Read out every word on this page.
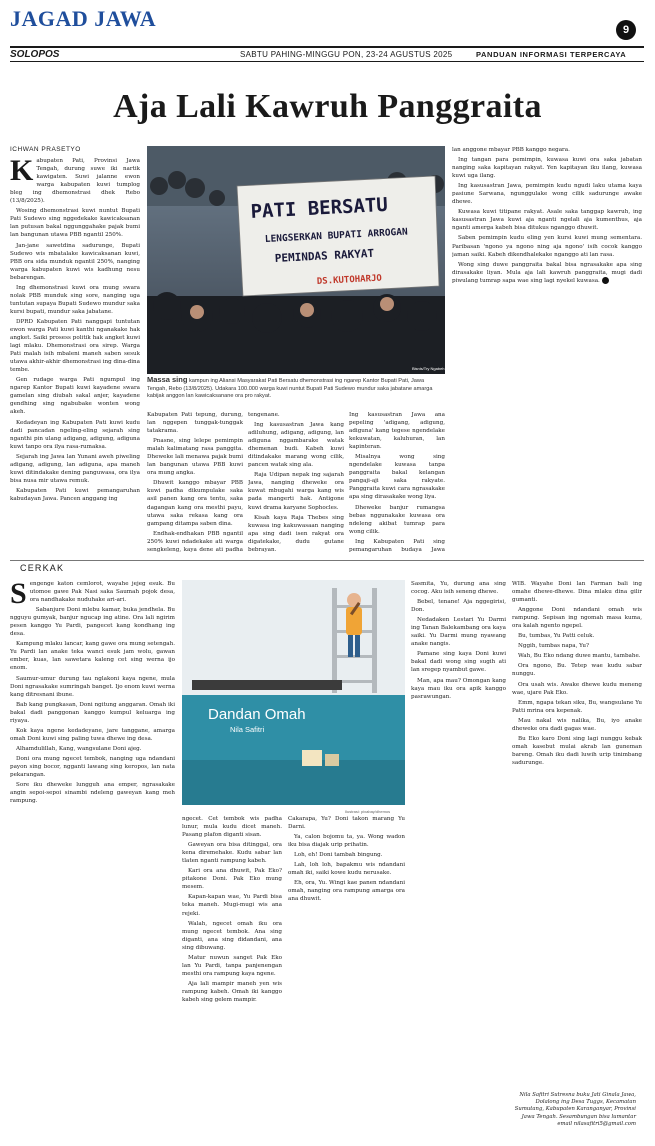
JAGAD JAWA	9
SOLOPOS	SABTU PAHING-MINGGU PON, 23-24 AGUSTUS 2025	PANDUAN INFORMASI TERPERCAYA
Aja Lali Kawruh Panggraita
ICHWAN PRASETYO
K abupaten Pati, Provinsi Jawa Tengah, durung suwe iki nartik kawigaten. Suwi jalanne ewon warga kabupaten kuwi tumplog bleg ing dhemonstrasi dhek Rebo (13/8/2025).

Wosing dhemonstrasi kuwi nuntut Bupati Pati Sudewo sing nggedekake kawicaksanan lan putusan bakal nggunggahake pajak bumi lan bangunan utawa PBB ngantil 250%.

Jan-jane sawetdina sadurunge, Bupati Sudewo wis mbatalake kawicaksanan kuwi, PBB ora sida munduk ngantil 250%, nanging warga kabupaten kuwi wis kadhung nesu bebarengan.

Ing dhemonstrasi kuwi ora mung swara nolak PBB munduk sing sore, nanging uga tuntutan supaya Bupati Sudewo mundur saka kursi bupati, mundur saka jabatane.

DPRD Kabupaten Pati nanggapi tuntutan ewon warga Pati kuwi kanthi nganakake hak angket. Saiki prosess politik hak angket kuwi lagi mlaku. Dhemonstrasi ora sirep. Warga Pati malah isih mbaleni maneh saben sesuk utawa akhir-akhir dhemonstrasi ing dina-dina tembe.

Gen rudage warga Pati ngumpul ing ngarep Kantor Bupati kuwi kayadene swara gamelan sing diubah sakal anjer, kayadene gendhing sing ngabubake wonten wong akeh.

Kedadeyan ing Kabupaten Pati kuwi kudu dadi pancadan ngeling-eling sejarah sing nganthi pin ulang adigang, adigung, adiguna kuwi tanpo ora ilya rasa-rumaksa.

Sejarah ing Jawa lan Yunani aweh piweling adigang, adigung, lan adiguna, apa maneh kuwi ditindakake dening panguwasa, ora ilya bisa nusa mir utawa remuk.

Kabupaten Pati kuwi pemangaruhan kabudayan Jawa. Pancen anggang ing

PATI BERSATU
LENGSERKAN BUPATI ARROGAN
PEMINDAS RAKYAT
DS.KUTOHARJO
Bisnis/Try Ngabeh
Massa sing kampun ing Aliansi Masyarakat Pati Bersatu dhemonstrasi ing ngarep Kantor Bupati Pati, Jawa Tengah, Rebo (13/8/2025). Udakara 100.000 warga kuwi nuntut Bupati Pati Sudewo mundur saka jabatane amarga kabijak anggon lan kawicaksanane ora pro rakyat.

Kabupaten Pati tepung, durung, lan nggepen tunggak-tunggak tatakrama.

Pnasne, sing lelepe pemimpin malah kalimatang rasa panggita. Dheweke lali menawa pajak bumi lan bangunan utawa PBB kuwi ora mung angka.

Dhuwit kanggo mbayar PBB kuwi padha dikumpulake saka asil panen kang ora tentu, saka dagangan kang ora mesthi payu, utawa saka rekasa kang ora gampang ditampa saben dina.

Endhak-endhakan PBB ngantil 250% kuwi ndadekake ati warga sengkeleng, kaya dene ati padha

tengenane.

Ing kasusastran Jawa kang adiluhung, adigang, adigung, lan adiguna nggambarake watak dhemenan budi. Kabeh kuwi ditindakake marang wong cilik, pancen watak sing ala.

Raja Udipan nepak ing sajarah Jawa, nanging dheweke ora kuwat mbugahi warga kang wis pada mangerti hak. Antigone kuwi drama karyane Sophocles.

Kisah kaya Raja Thebes sing kuwasa ing kakuwasaan nanging apa sing dadi isen rakyat ora digatekake, dudu gutane bebrayan.

Ing kasusastran Jawa ana pepeling 'adigang, adigung, adiguna' kang tegese ngendelake kekuwatan, kaluhuran, lan kapinteran.

Misalnya wong sing ngendelake kuwasa tanpa panggraita bakal kelangan pangaji-aji saka rakyate. Panggraita kuwi cara ngrasakake apa sing dirasakake wong liya.

Dheweke banjur rumangsa bebas nggunakake kuwasa ora ndeleng akibat tumrap para wong cilik.

Ing Kabupaten Pati sing pemangaruhan budaya Jawa

lan anggone mbayar PBB kanggo negara.

Ing tangan para pemimpin, kuwasa kuwi ora saka jabatan nanging saka kapitayan rakyat. Yen kapitayan iku ilang, kuwasa kuwi uga ilang.

Ing kasusastran Jawa, pemimpin kudu ngudi laku utama kaya pasiune Sarwana, ngunggulake wong cilik sadurunge awake dhewe.

Kuwasa kuwi titipane rakyat. Asale saka tanggap kawruh, ing kasusastran Jawa kuwi aja nganti ngelali aja kumenthus, aja nganti amerga kabeh bisa ditukus nganggo dhuwit.

Saben pemimpin kudu eling yen kursi kuwi mung sementara. Paribasan 'ngono ya ngono ning aja ngono' isih cocok kanggo jaman saiki. Kabeh dikendhalekake nganggo ati lan rasa.

Wong sing duwe panggraita bakal bisa ngrasakake apa sing dirasakake liyan. Mula aja lali kawruh panggraita, mugi dadi piwulang tumrap sapa wae sing lagi nyekel kuwasa.

CERKAK
S engenge katon cemlorot, wayahe jejeg esuk. Bu utomoe gawe Pak Nasi saka Saumah pojok desa, ora nandhakake nuduhake ari-ari.

Sabanjure Doni mlebu kamar, buka jendhela. Bu ngguyu gumyak, banjur ngucap ing atine. Ora lali ngirim pesen kanggo Yu Pardi, pangecet kang kondhang ing desa.

Kampung mlaku lancar, kang gawe ora mung setengah. Yu Pardi lan anake teka wanci esuk jam wolu, gawan ember, kuas, lan sawetara kaleng cet sing werna ijo enom.

Saumur-umur durung tau nglakoni kaya ngene, mula Doni ngrasakake sumringah banget. Ijo enom kuwi werna kang ditresnani ibune.

Bab kang pungkasan, Doni ngitung anggaran. Omah iki bakal dadi panggonan kanggo kumpul keluarga ing riyaya.

Kok kaya ngene kedadeyane, jare tanggane, amarga omah Doni kuwi sing paling tuwa dhewe ing desa.

Alhamdulillah, Kang, wangsulane Doni ajeg.

Doni ora mung ngecet tembok, nanging uga ndandani payon sing bocor, ngganti lawang sing keropos, lan nata pekarangan.

Sore iku dheweke lungguh ana emper, ngrasakake angin sepoi-sepoi sinambi ndeleng gaweyan kang meh rampung.

Dandan Omah
Nila Safitri
Ilustrasi: pixabay/dhemos

ngecet. Cet tembok wis padha lunur, mula kudu dicet maneh. Pasang plafon diganti sisan.

Gaweyan ora bisa ditinggal, ora kena diremehake. Kudu sabar lan tlaten nganti rampung kabeh.

Kari ora ana dhuwit, Pak Eko? pitakone Doni. Pak Eko mung mesem.

Kapan-kapan wae, Yu Pardi bisa teka maneh. Mugi-mugi wis ana rejeki.

Walah, ngecet omah iku ora mung ngecet tembok. Ana sing diganti, ana sing didandani, ana sing dibuwang.

Matur nuwun sanget Pak Eko lan Yu Pardi, tanpa panjenengan mesthi ora rampung kaya ngene.

Aja lali mampir maneh yen wis rampung kabeh. Omah iki kanggo kabeh sing gelem mampir.

Cakarapa, Yu? Doni takon marang Yu Darni.

Ya, calon bojomu ta, ya. Wong wadon iku bisa diajak urip prihatin.

Loh, eh! Doni tambah bingung.

Lah, loh loh, bapakmu wis ndandani omah iki, saiki kowe kudu nerusake.

Eh, ora, Yu. Wingi kae panen ndandani omah, nanging ora rampung amarga ora ana dhuwit.

Sasmita, Yu, durung ana sing cocog. Aku isih seneng dhewe.

Bebel, tenane! Aja nggegirisi, Don.

Nedadaken Lestari Yu Darmi ing Tanan Balekambang ora kaya saiki. Yu Darmi mung nyawang anake nangis.

Pamane sing kaya Doni kuwi bakal dadi wong sing sugih ati lan sregep nyambut gawe.

Man, apa mau? Omongan kang kaya mau iku ora apik kanggo pasrawungan.

WIB. Wayahe Doni lan Farman bali ing omahe dhewe-dhewe. Dina mlaku dina gilir gumanti.

Anggone Doni ndandani omah wis rampung. Sepisan ing ngomah masa kuma, ora kalah ngento ngepel.

Bu, tumbas, Yu Patti celuk.

Nggih, tumbas napa, Yu?

Wah, Bu Eko ndang duwe mantu, tambahe.

Ora ngono, Bu. Tetep wae kudu sabar nunggu.

Ora usah wis. Awake dhewe kudu meneng wae, ujare Pak Eko.

Emm, ngapa tekan siku, Bu, wangsulane Yu Patti mrina ora kepenak.

Mau nakal wis nalika, Bu, iyo anake dheweke ora dadi gagas wae.

Bu Eko karo Doni sing lagi nunggu kebak omah kasebut mulai akrab lan guneman bareng. Omah iku dadi luwih urip tinimbang sadurunge.

Nila Safitri Sutresna buku Jati Ginala Jawa, Dolalong ing Desa Tuggs, Kecamatan Sumutang, Kabupaten Karanganyar, Provinsi Jawa Tengah. Sesambungan bisa lumantar email nilasafitri5@gmail.com
